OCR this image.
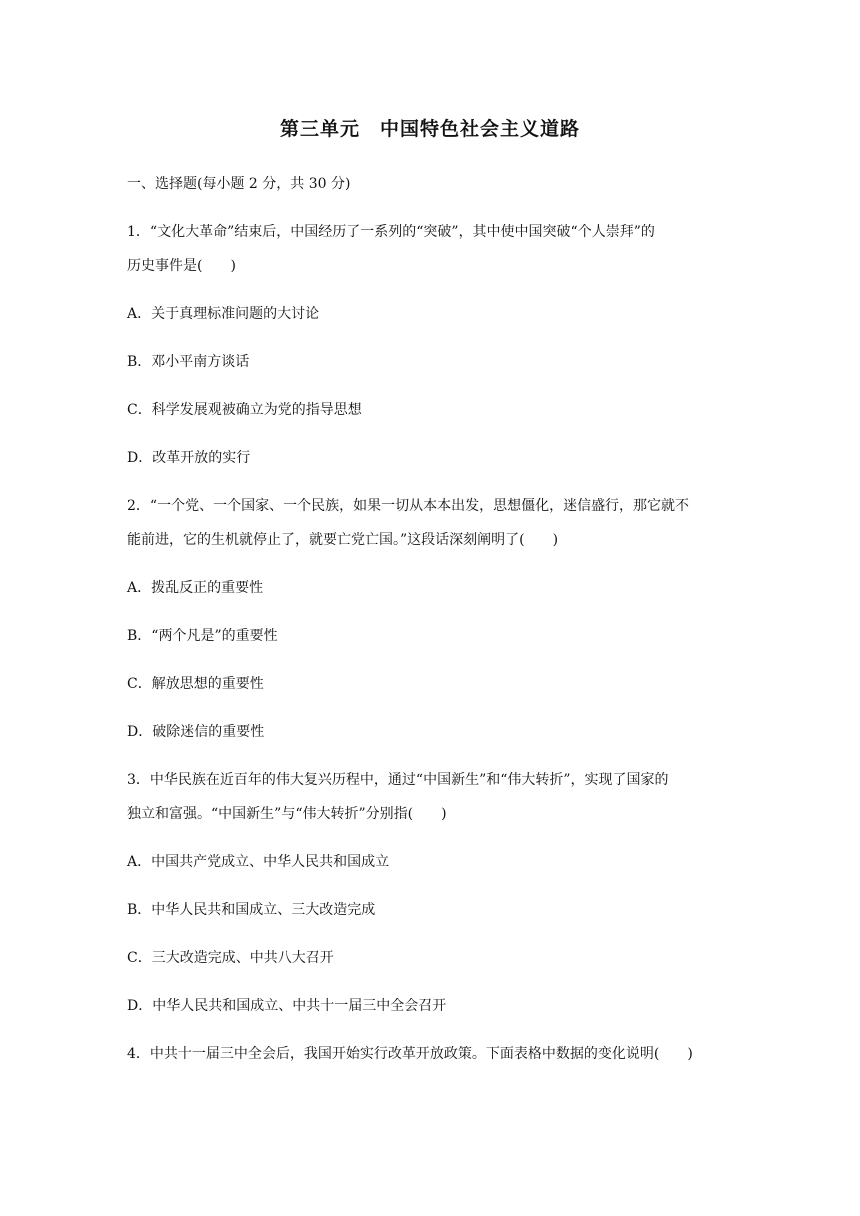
第三单元　中国特色社会主义道路
一、选择题(每小题 2 分，共 30 分)
1．“文化大革命”结束后，中国经历了一系列的“突破”，其中使中国突破“个人崇拜”的
历史事件是(　　)
A．关于真理标准问题的大讨论
B．邓小平南方谈话
C．科学发展观被确立为党的指导思想
D．改革开放的实行
2．“一个党、一个国家、一个民族，如果一切从本本出发，思想僵化，迷信盛行，那它就不
能前进，它的生机就停止了，就要亡党亡国。”这段话深刻阐明了(　　)
A．拨乱反正的重要性
B．“两个凡是”的重要性
C．解放思想的重要性
D．破除迷信的重要性
3．中华民族在近百年的伟大复兴历程中，通过“中国新生”和“伟大转折”，实现了国家的
独立和富强。“中国新生”与“伟大转折”分别指(　　)
A．中国共产党成立、中华人民共和国成立
B．中华人民共和国成立、三大改造完成
C．三大改造完成、中共八大召开
D．中华人民共和国成立、中共十一届三中全会召开
4．中共十一届三中全会后，我国开始实行改革开放政策。下面表格中数据的变化说明(　　)
